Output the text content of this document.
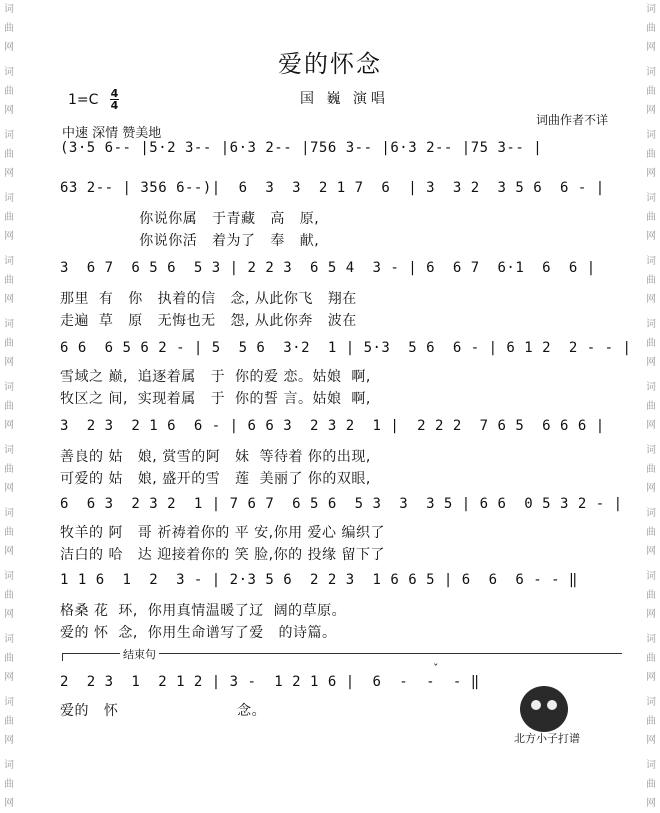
词曲网
词曲网
词曲网
词曲网
词曲网
词曲网
词曲网
词曲网
词曲网
词曲网
词曲网
词曲网
词曲网
词曲网
词曲网
词曲网
词曲网
词曲网
词曲网
词曲网
词曲网
词曲网
词曲网
词曲网
词曲网
词曲网
爱的怀念
1=C 4
4	国 巍 演唱
词曲作者不详
中速 深情 赞美地
(3·5 6-- |5·2 3-- |6·3 2-- |756 3-- |6·3 2-- |75 3-- |
63 2-- | 356 6--)|  6  3  3  2 1 7  6  | 3  3 2  3 5 6  6 - |
你说你属   于青藏   高   原,
你说你活   着为了   奉   献,
3  6 7  6 5 6  5 3 | 2 2 3  6 5 4  3 - | 6  6 7  6·1  6  6 |
那里  有   你   执着的信   念, 从此你飞   翔在
走遍  草   原   无悔也无   怨, 从此你奔   波在
6 6  6 5 6 2 - | 5  5 6  3·2  1 | 5·3  5 6  6 - | 6 1 2  2 - - |
雪域之 巅,  追逐着属   于  你的爱 恋。姑娘  啊,
牧区之 间,  实现着属   于  你的誓 言。姑娘  啊,
3  2 3  2 1 6  6 - | 6 6 3  2 3 2  1 |  2 2 2  7 6 5  6 6 6 |
善良的 姑   娘, 赏雪的阿   妹  等待着 你的出现,
可爱的 姑   娘, 盛开的雪   莲  美丽了 你的双眼,
6  6 3  2 3 2  1 | 7 6 7  6 5 6  5 3  3  3 5 | 6 6  0 5 3 2 - |
牧羊的 阿   哥 祈祷着你的 平 安,你用 爱心 编织了
洁白的 哈   达 迎接着你的 笑 脸,你的 投缘 留下了
1 1 6  1  2  3 - | 2·3 5 6  2 2 3  1 6 6 5 | 6  6  6 - - ‖
格桑 花  环,  你用真情温暖了辽  阔的草原。
爱的 怀  念,  你用生命谱写了爱   的诗篇。
结束句
ˇ
2  2 3  1  2 1 2 | 3 -  1 2 1 6 |  6  -  -  - ‖
爱的   怀                        念。
北方小子打谱
